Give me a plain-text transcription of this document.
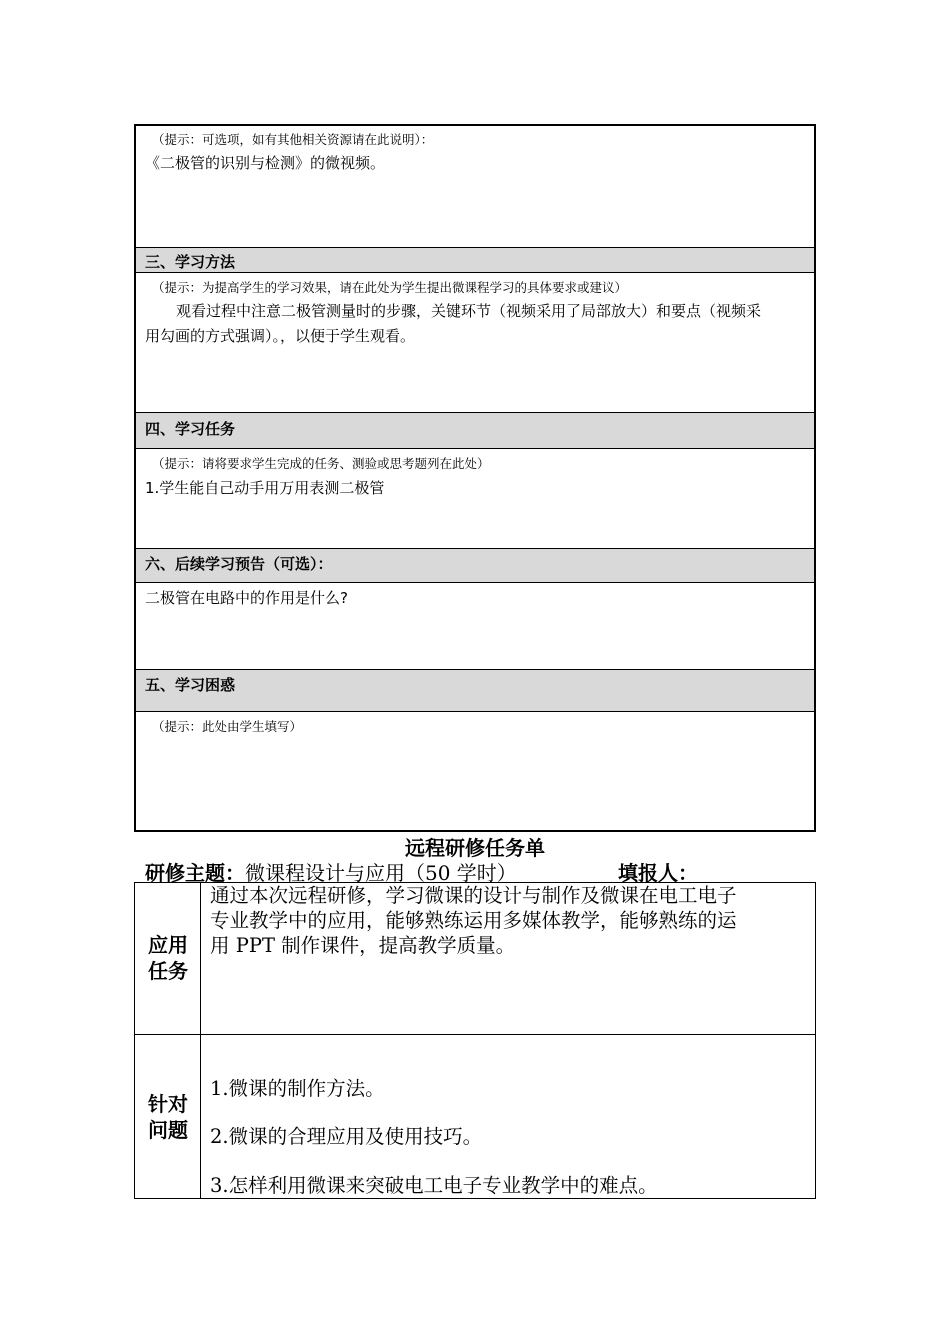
（提示：可选项，如有其他相关资源请在此说明）：
《二极管的识别与检测》的微视频。
三、学习方法
（提示：为提高学生的学习效果，请在此处为学生提出微课程学习的具体要求或建议）
观看过程中注意二极管测量时的步骤，关键环节（视频采用了局部放大）和要点（视频采
用勾画的方式强调）。，以便于学生观看。
四、学习任务
（提示：请将要求学生完成的任务、测验或思考题列在此处）
1.学生能自己动手用万用表测二极管
六、后续学习预告（可选）：
二极管在电路中的作用是什么?
五、学习困惑
（提示：此处由学生填写）
远程研修任务单
研修主题：微课程设计与应用（50 学时）	填报人：
应用
任务
通过本次远程研修，学习微课的设计与制作及微课在电工电子
专业教学中的应用，能够熟练运用多媒体教学，能够熟练的运
用 PPT 制作课件，提高教学质量。
针对
问题
1.微课的制作方法。
2.微课的合理应用及使用技巧。
3.怎样利用微课来突破电工电子专业教学中的难点。
